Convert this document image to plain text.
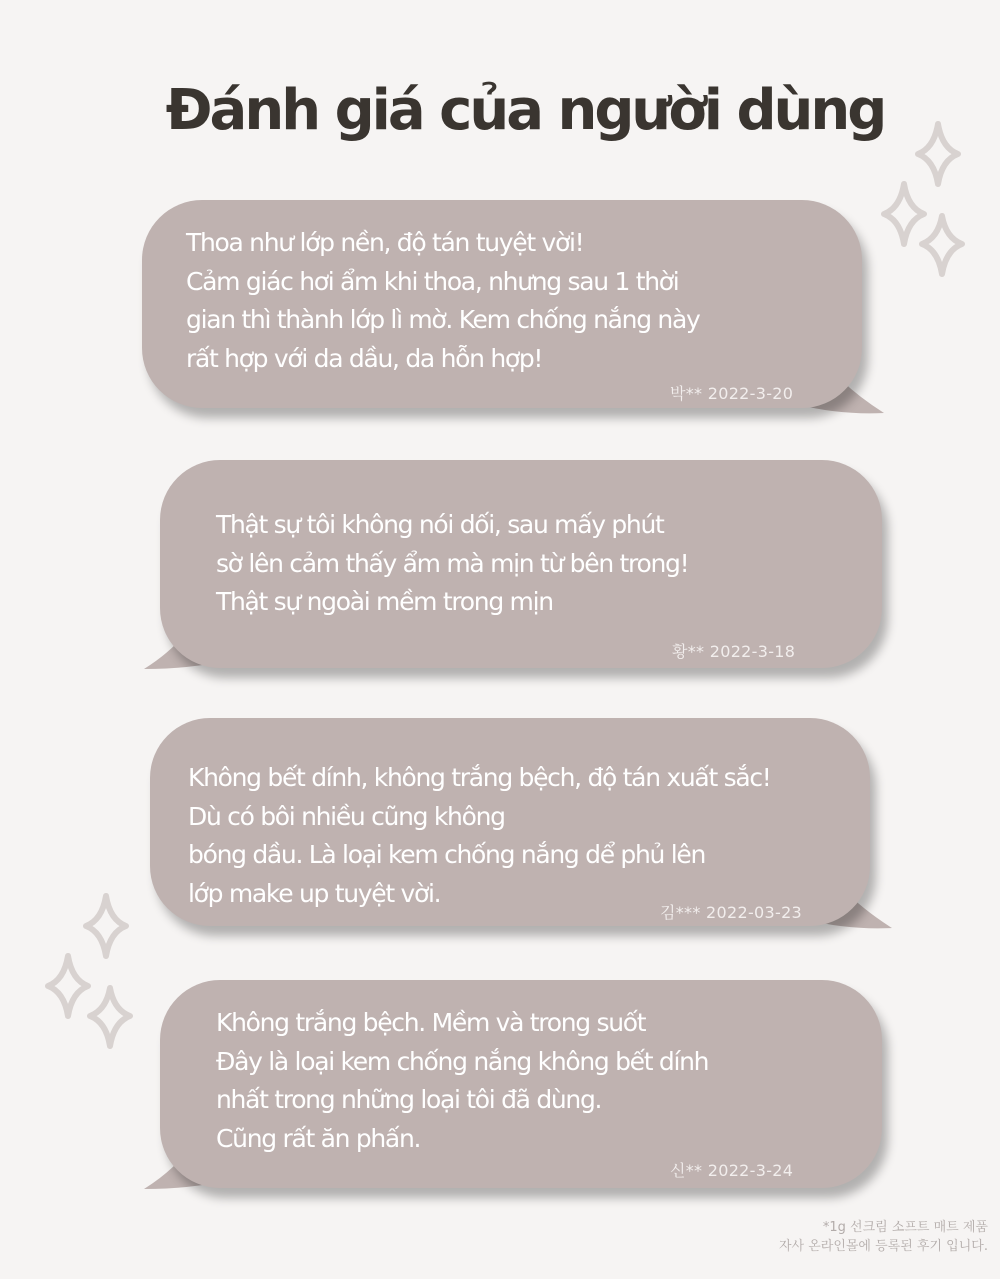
Đánh giá của người dùng
Thoa như lớp nền, độ tán tuyệt vời!
Cảm giác hơi ẩm khi thoa, nhưng sau 1 thời
gian thì thành lớp lì mờ. Kem chống nắng này
rất hợp với da dầu, da hỗn hợp!
박** 2022-3-20
Thật sự tôi không nói dối, sau mấy phút
sờ lên cảm thấy ẩm mà mịn từ bên trong!
Thật sự ngoài mềm trong mịn
황** 2022-3-18
Không bết dính, không trắng bệch, độ tán xuất sắc!
Dù có bôi nhiều cũng không
bóng dầu. Là loại kem chống nắng dể phủ lên
lớp make up tuyệt vời.
김*** 2022-03-23
Không trắng bệch. Mềm và trong suốt
Đây là loại kem chống nắng không bết dính
nhất trong những loại tôi đã dùng.
Cũng rất ăn phấn.
신** 2022-3-24
*1g 선크림 소프트 매트 제품
자사 온라인몰에 등록된 후기 입니다.
